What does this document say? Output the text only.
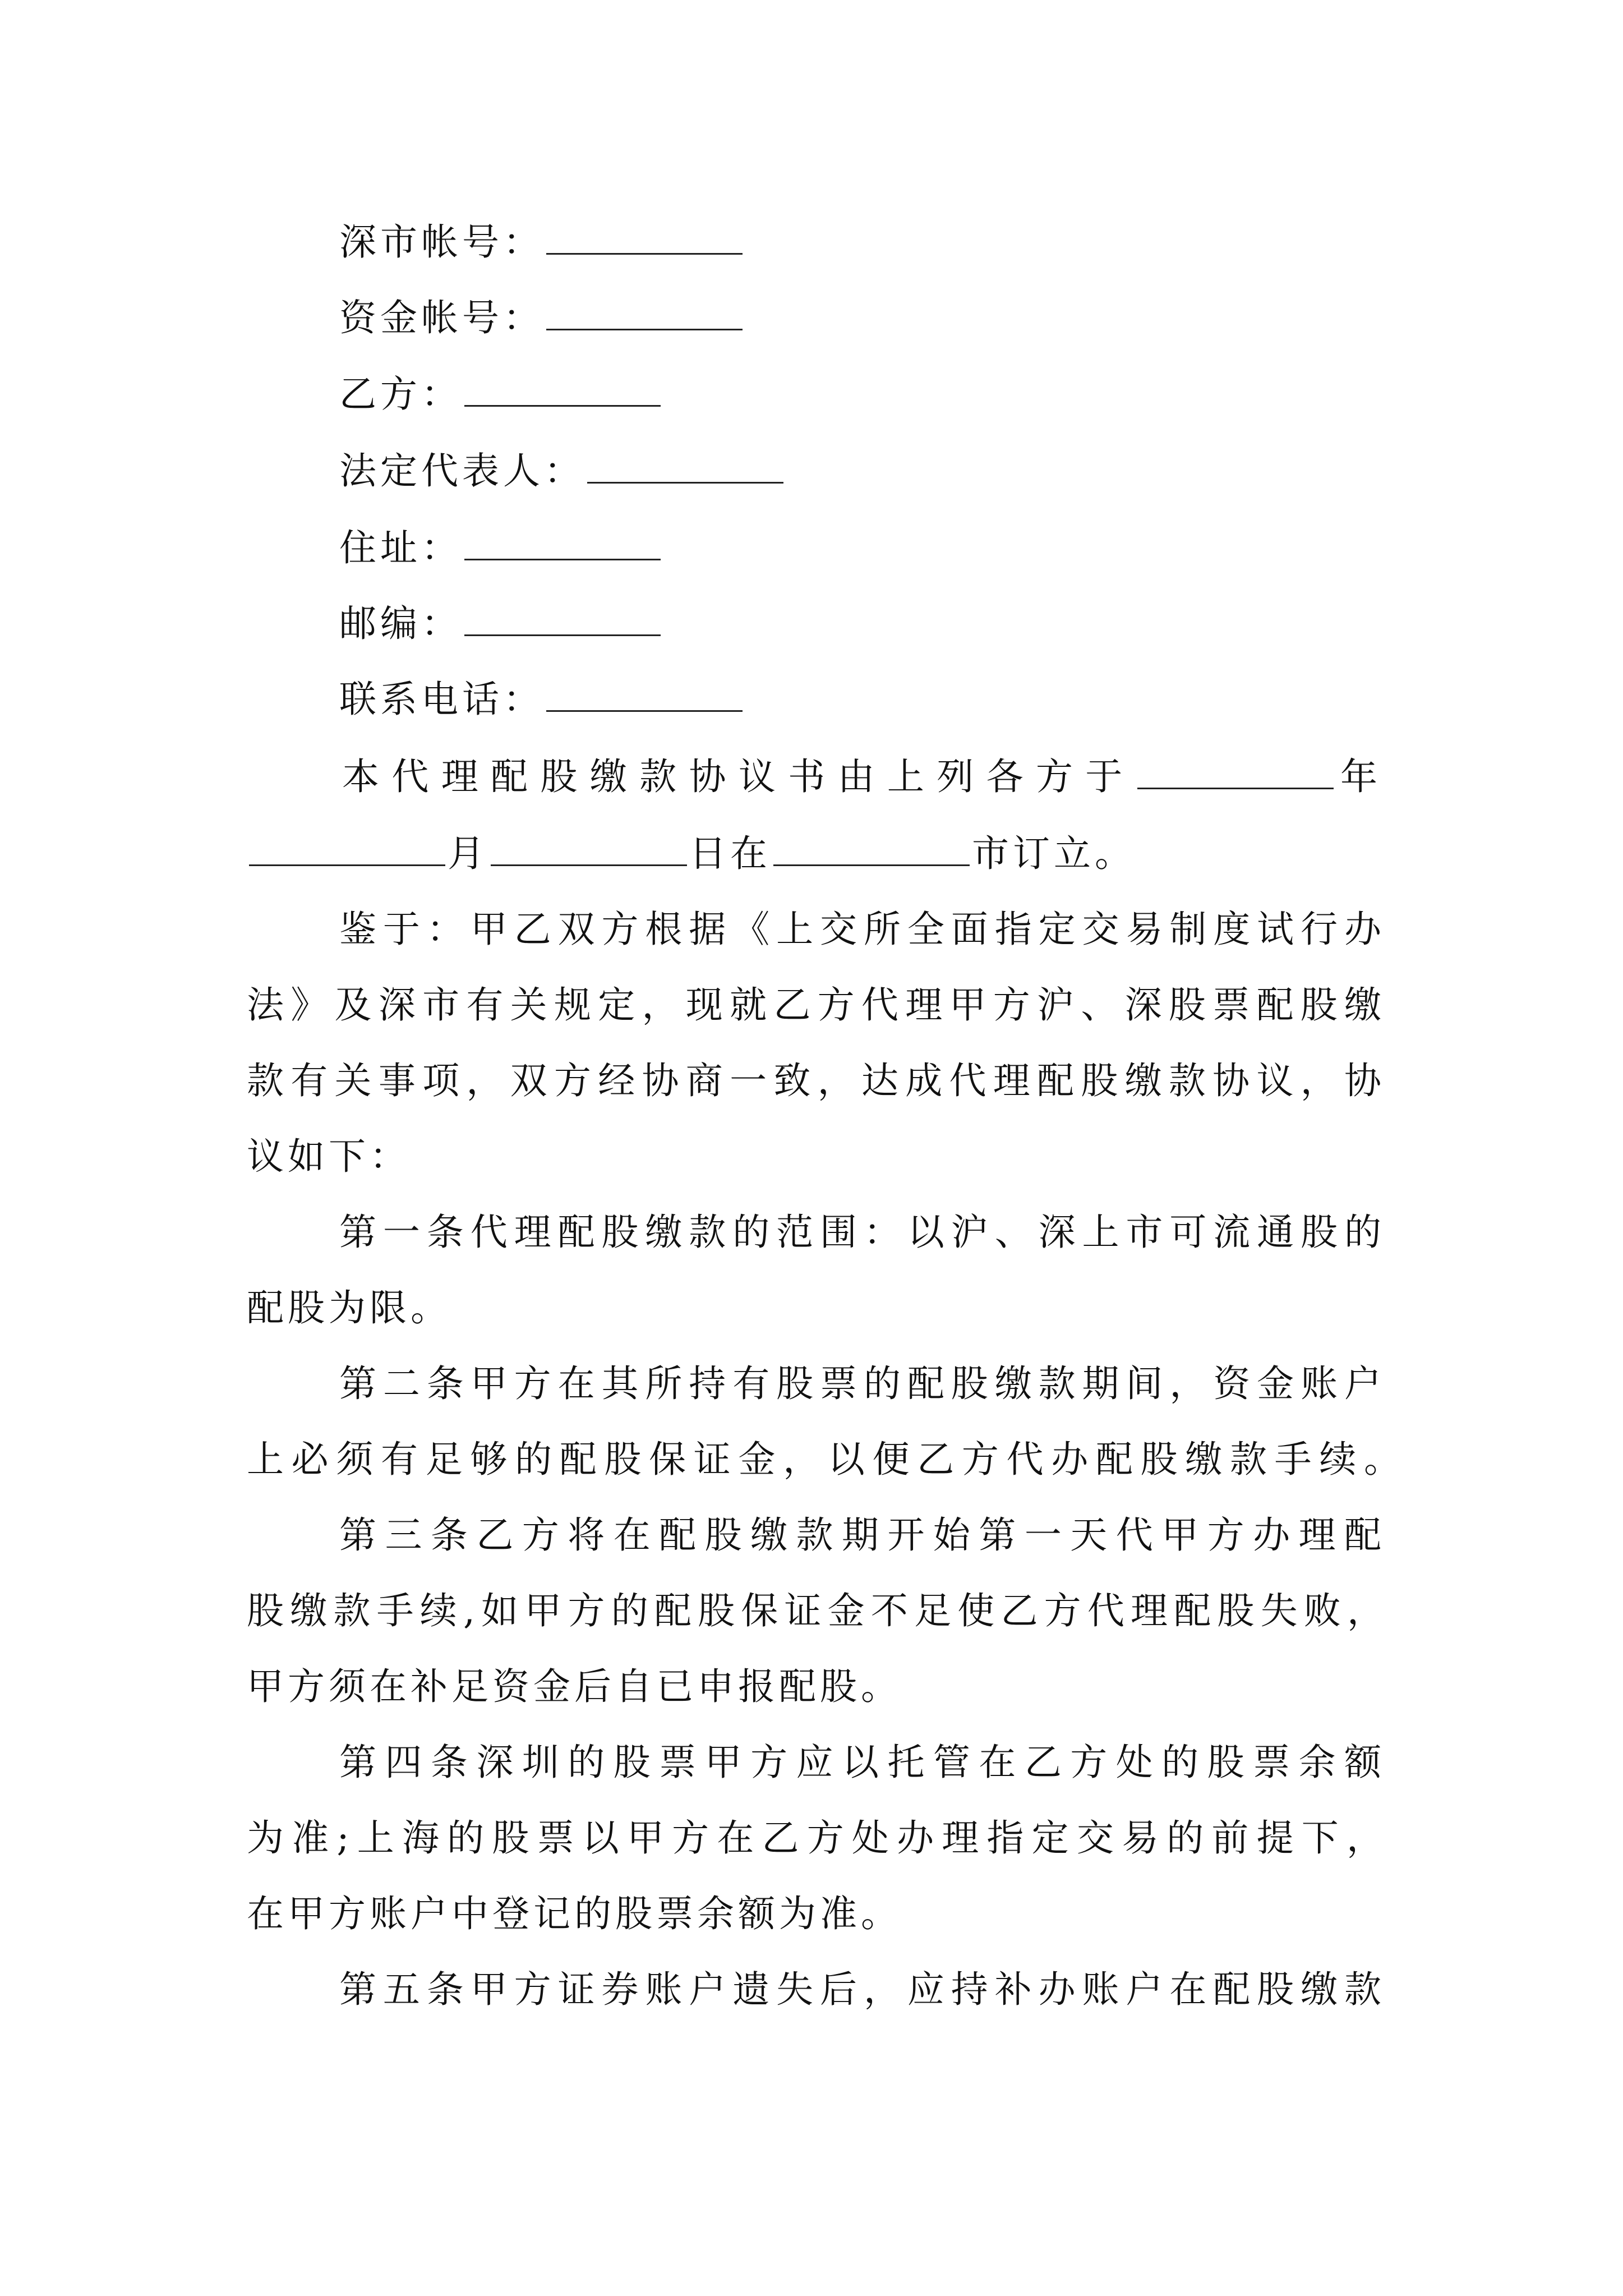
深市帐号：
资金帐号：
乙方：
法定代表人：
住址：
邮编：
联系电话：
本代理配股缴款协议书由上列各方于	年
月	日在	市订立。
鉴于：甲乙双方根据《上交所全面指定交易制度试行办
法》及深市有关规定，现就乙方代理甲方沪、深股票配股缴
款有关事项，双方经协商一致，达成代理配股缴款协议，协
议如下：
第一条代理配股缴款的范围：以沪、深上市可流通股的
配股为限。
第二条甲方在其所持有股票的配股缴款期间，资金账户
上必须有足够的配股保证金，以便乙方代办配股缴款手续。
第三条乙方将在配股缴款期开始第一天代甲方办理配
股缴款手续,如甲方的配股保证金不足使乙方代理配股失败，
甲方须在补足资金后自已申报配股。
第四条深圳的股票甲方应以托管在乙方处的股票余额
为准;上海的股票以甲方在乙方处办理指定交易的前提下，
在甲方账户中登记的股票余额为准。
第五条甲方证券账户遗失后，应持补办账户在配股缴款
